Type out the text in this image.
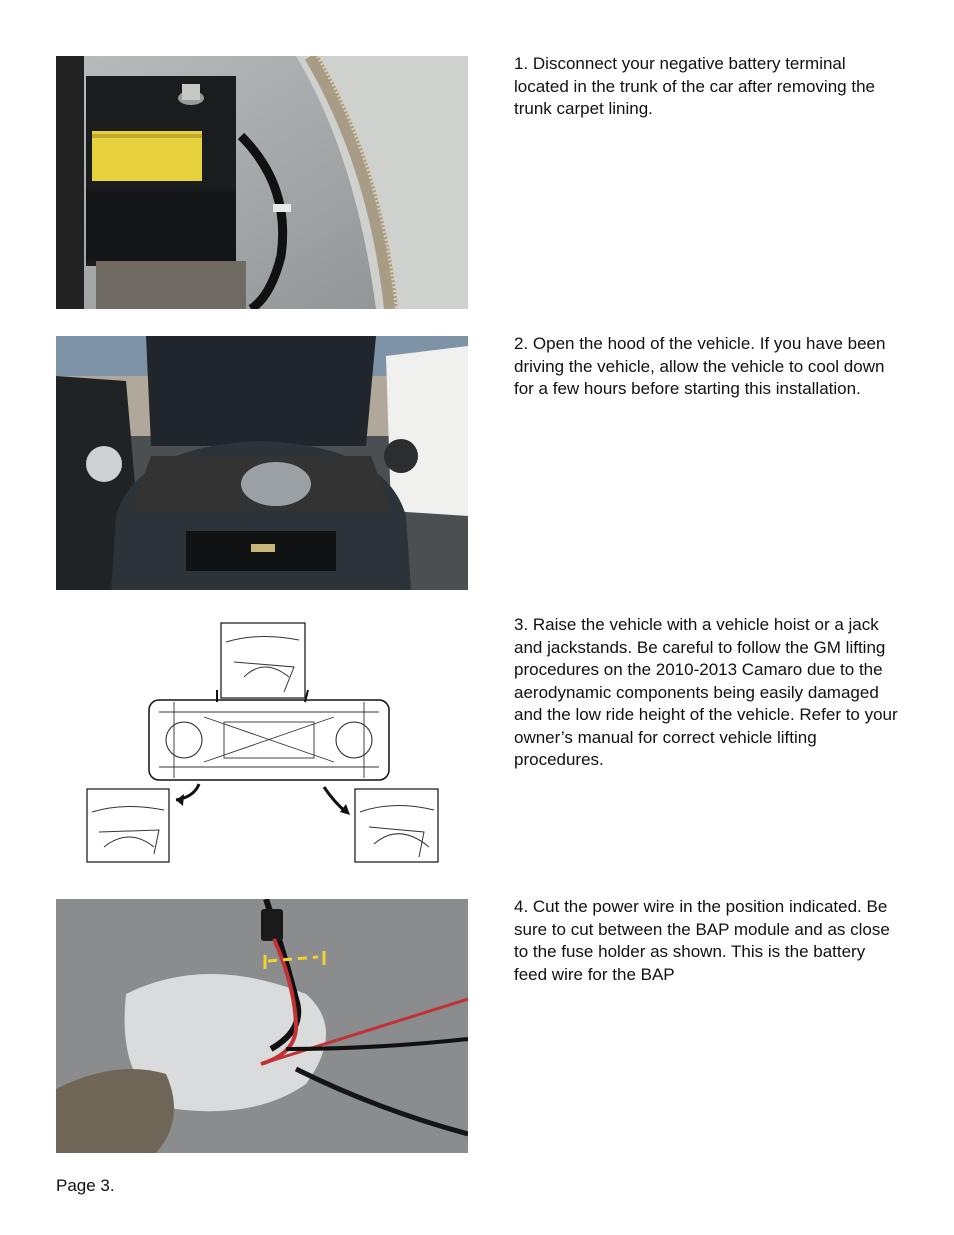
1. Disconnect your negative battery terminal located in the trunk of the car after removing the trunk carpet lining.

2. Open the hood of the vehicle. If you have been driving the vehicle, allow the vehicle to cool down for a few hours before starting this installation.

3. Raise the vehicle with a vehicle hoist or a jack and jackstands. Be careful to follow the GM lifting procedures on the 2010-2013 Camaro due to the aerodynamic components being easily damaged and the low ride height of the vehicle. Refer to your owner’s manual for correct vehicle lifting procedures.

4. Cut the power wire in the position indicated. Be sure to cut between the BAP module and as close to the fuse holder as shown. This is the battery feed wire for the BAP

Page 3.
